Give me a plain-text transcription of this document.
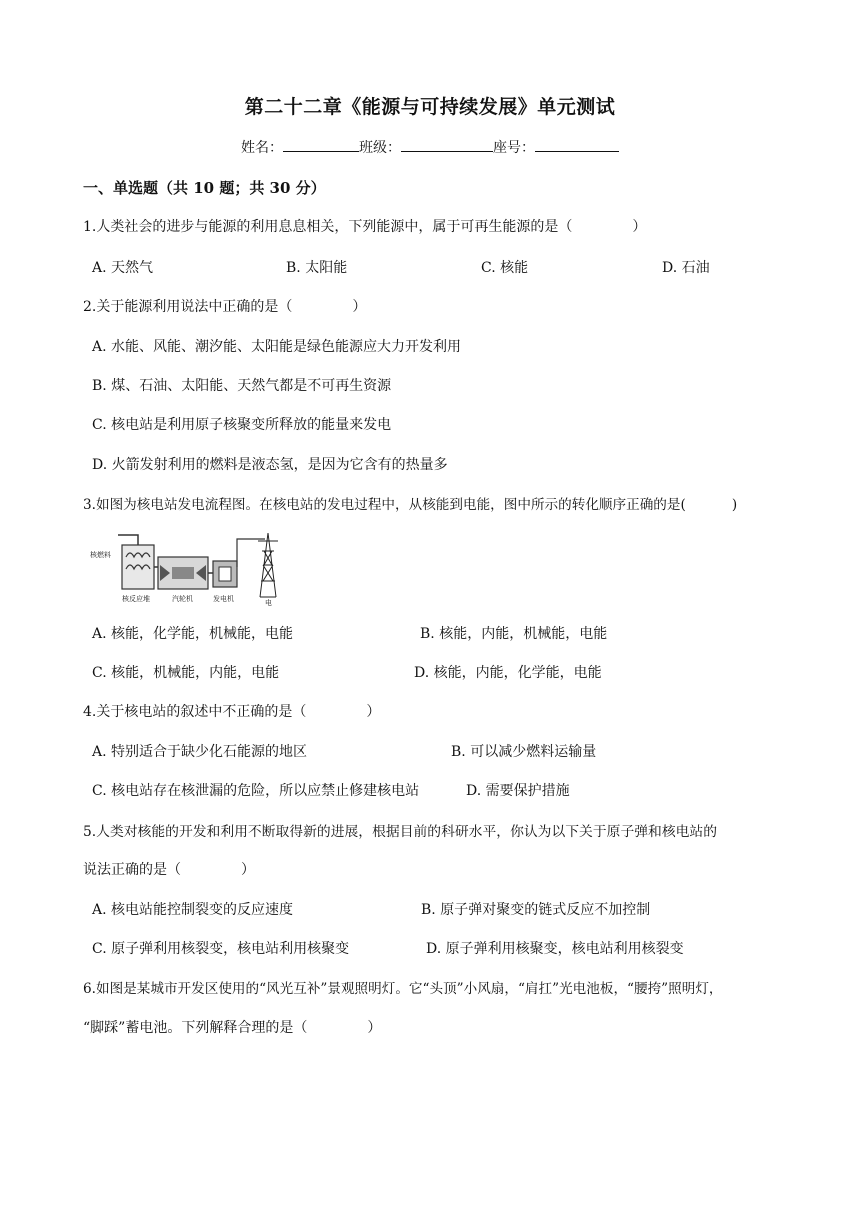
第二十二章《能源与可持续发展》单元测试
姓名：	班级：	座号：
一、单选题（共 10 题；共 30 分）
1.人类社会的进步与能源的利用息息相关，下列能源中，属于可再生能源的是（	）
A. 天然气	B. 太阳能	C. 核能	D. 石油
2.关于能源利用说法中正确的是（	）
A. 水能、风能、潮汐能、太阳能是绿色能源应大力开发利用
B. 煤、石油、太阳能、天然气都是不可再生资源
C. 核电站是利用原子核聚变所释放的能量来发电
D. 火箭发射利用的燃料是液态氢，是因为它含有的热量多
3.如图为核电站发电流程图。在核电站的发电过程中，从核能到电能，图中所示的转化顺序正确的是(	)
核燃料
核反应堆	汽轮机	发电机	电
A. 核能，化学能，机械能，电能	B. 核能，内能，机械能，电能
C. 核能，机械能，内能，电能	D. 核能，内能，化学能，电能
4.关于核电站的叙述中不正确的是（	）
A. 特别适合于缺少化石能源的地区	B. 可以减少燃料运输量
C. 核电站存在核泄漏的危险，所以应禁止修建核电站	D. 需要保护措施
5.人类对核能的开发和利用不断取得新的进展，根据目前的科研水平，你认为以下关于原子弹和核电站的
说法正确的是（	）
A. 核电站能控制裂变的反应速度	B. 原子弹对聚变的链式反应不加控制
C. 原子弹利用核裂变，核电站利用核聚变	D. 原子弹利用核聚变，核电站利用核裂变
6.如图是某城市开发区使用的“风光互补”景观照明灯。它“头顶”小风扇，“肩扛”光电池板，“腰挎”照明灯，
“脚踩”蓄电池。下列解释合理的是（	）
